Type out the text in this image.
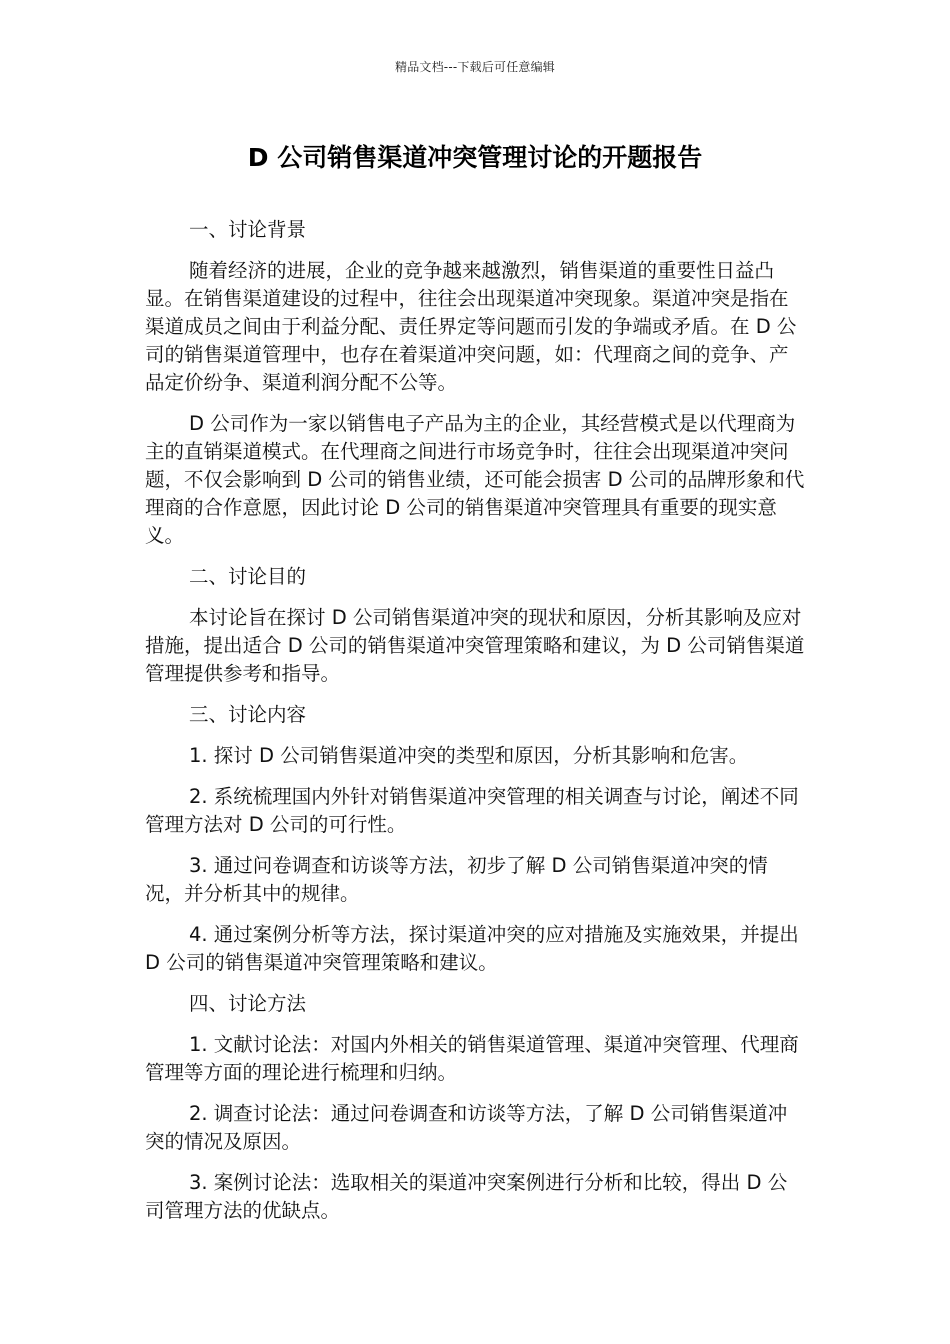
精品文档---下载后可任意编辑
D 公司销售渠道冲突管理讨论的开题报告

一、讨论背景

随着经济的进展，企业的竞争越来越激烈，销售渠道的重要性日益凸显。在销售渠道建设的过程中，往往会出现渠道冲突现象。渠道冲突是指在渠道成员之间由于利益分配、责任界定等问题而引发的争端或矛盾。在 D 公司的销售渠道管理中，也存在着渠道冲突问题，如：代理商之间的竞争、产品定价纷争、渠道利润分配不公等。

D 公司作为一家以销售电子产品为主的企业，其经营模式是以代理商为主的直销渠道模式。在代理商之间进行市场竞争时，往往会出现渠道冲突问题，不仅会影响到 D 公司的销售业绩，还可能会损害 D 公司的品牌形象和代理商的合作意愿，因此讨论 D 公司的销售渠道冲突管理具有重要的现实意义。

二、讨论目的

本讨论旨在探讨 D 公司销售渠道冲突的现状和原因，分析其影响及应对措施，提出适合 D 公司的销售渠道冲突管理策略和建议，为 D 公司销售渠道管理提供参考和指导。

三、讨论内容

1. 探讨 D 公司销售渠道冲突的类型和原因，分析其影响和危害。

2. 系统梳理国内外针对销售渠道冲突管理的相关调查与讨论，阐述不同管理方法对 D 公司的可行性。

3. 通过问卷调查和访谈等方法，初步了解 D 公司销售渠道冲突的情况，并分析其中的规律。

4. 通过案例分析等方法，探讨渠道冲突的应对措施及实施效果，并提出 D 公司的销售渠道冲突管理策略和建议。

四、讨论方法

1. 文献讨论法：对国内外相关的销售渠道管理、渠道冲突管理、代理商管理等方面的理论进行梳理和归纳。

2. 调查讨论法：通过问卷调查和访谈等方法，了解 D 公司销售渠道冲突的情况及原因。

3. 案例讨论法：选取相关的渠道冲突案例进行分析和比较，得出 D 公司管理方法的优缺点。
